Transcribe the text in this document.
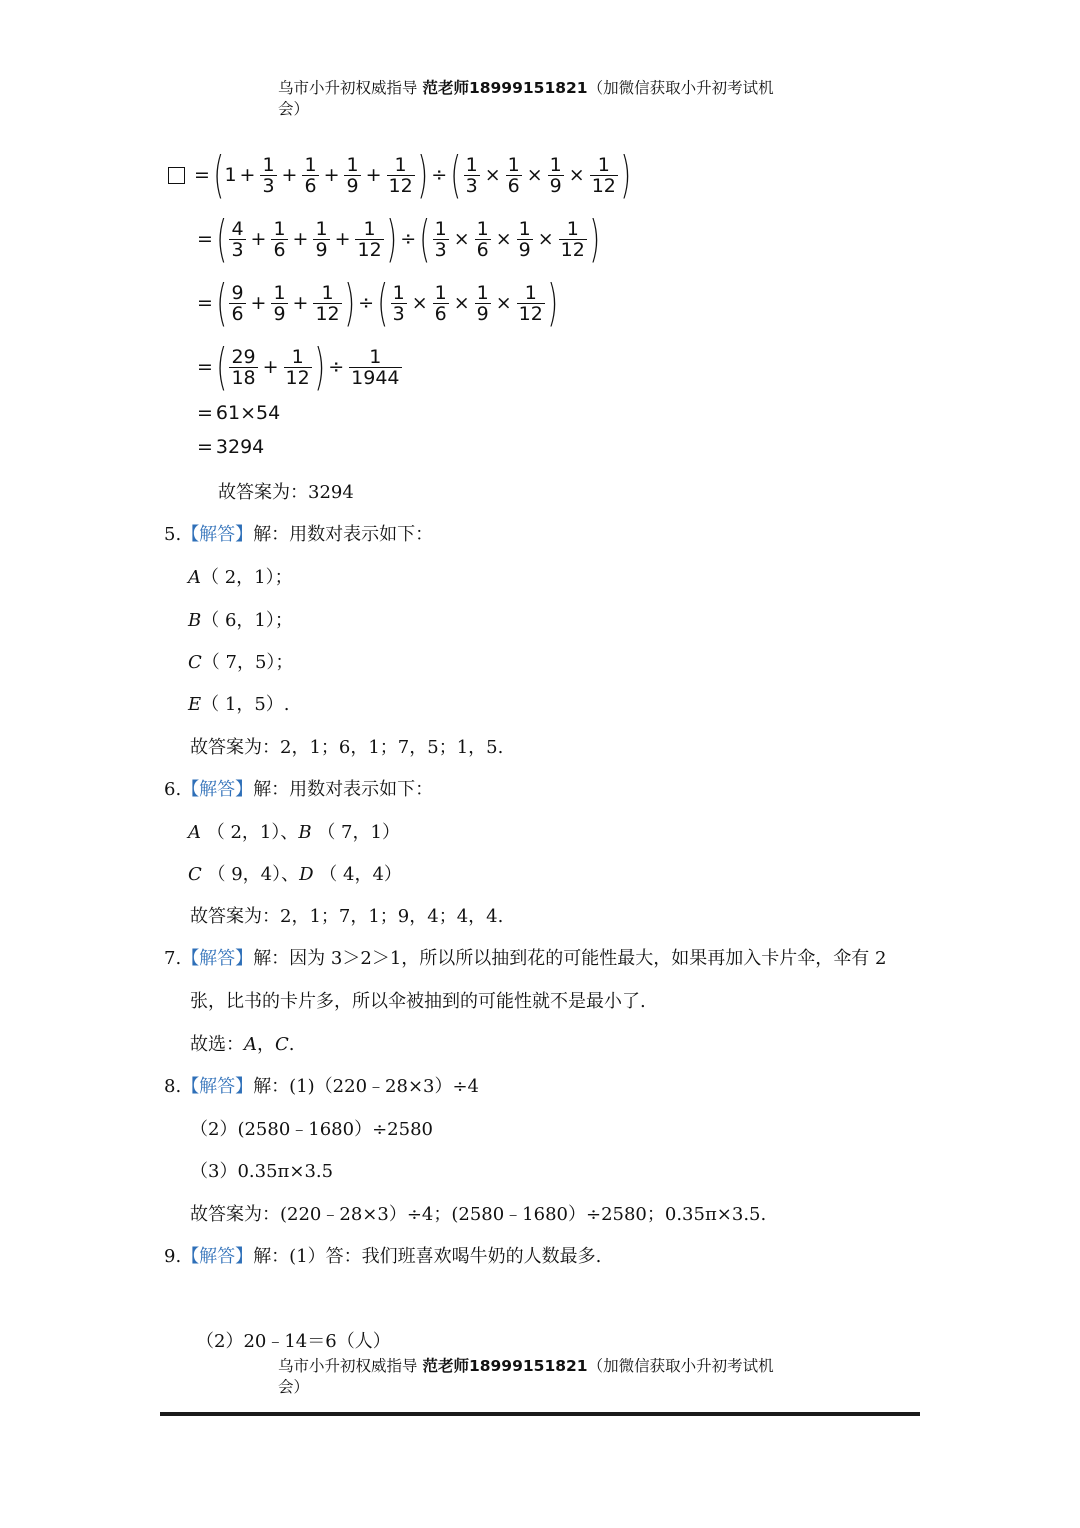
乌市小升初权威指导 范老师18999151821（加微信获取小升初考试机
会）
= ( $1 + \frac{1}{3} + \frac{1}{6} + \frac{1}{9} + \frac{1}{12}$ ) ÷ ( $\frac{1}{3} \times \frac{1}{6} \times \frac{1}{9} \times \frac{1}{12}$ )
= ( $\frac{4}{3} + \frac{1}{6} + \frac{1}{9} + \frac{1}{12}$ ) ÷ ( $\frac{1}{3} \times \frac{1}{6} \times \frac{1}{9} \times \frac{1}{12}$ )
= ( $\frac{9}{6} + \frac{1}{9} + \frac{1}{12}$ ) ÷ ( $\frac{1}{3} \times \frac{1}{6} \times \frac{1}{9} \times \frac{1}{12}$ )
= ( $\frac{29}{18} + \frac{1}{12}$ ) ÷ $\frac{1}{1944}$
= 61×54
= 3294
故答案为：3294
5.【解答】解：用数对表示如下：
A（ 2，1）；
B（ 6，1）；
C（ 7，5）；
E（ 1，5）.
故答案为：2，1；6，1；7，5；1，5.
6.【解答】解：用数对表示如下：
A （ 2，1）、B （ 7，1）
C （ 9，4）、D （ 4，4）
故答案为：2，1；7，1；9，4；4，4.
7.【解答】解：因为 3＞2＞1，所以所以抽到花的可能性最大，如果再加入卡片伞，伞有 2
张，比书的卡片多，所以伞被抽到的可能性就不是最小了.
故选：A，C.
8.【解答】解：(1)（220﹣28×3）÷4
（2）(2580﹣1680）÷2580
（3）0.35π×3.5
故答案为：(220﹣28×3）÷4；(2580﹣1680）÷2580；0.35π×3.5.
9.【解答】解：(1）答：我们班喜欢喝牛奶的人数最多.
（2）20﹣14＝6（人）
乌市小升初权威指导 范老师18999151821（加微信获取小升初考试机
会）
